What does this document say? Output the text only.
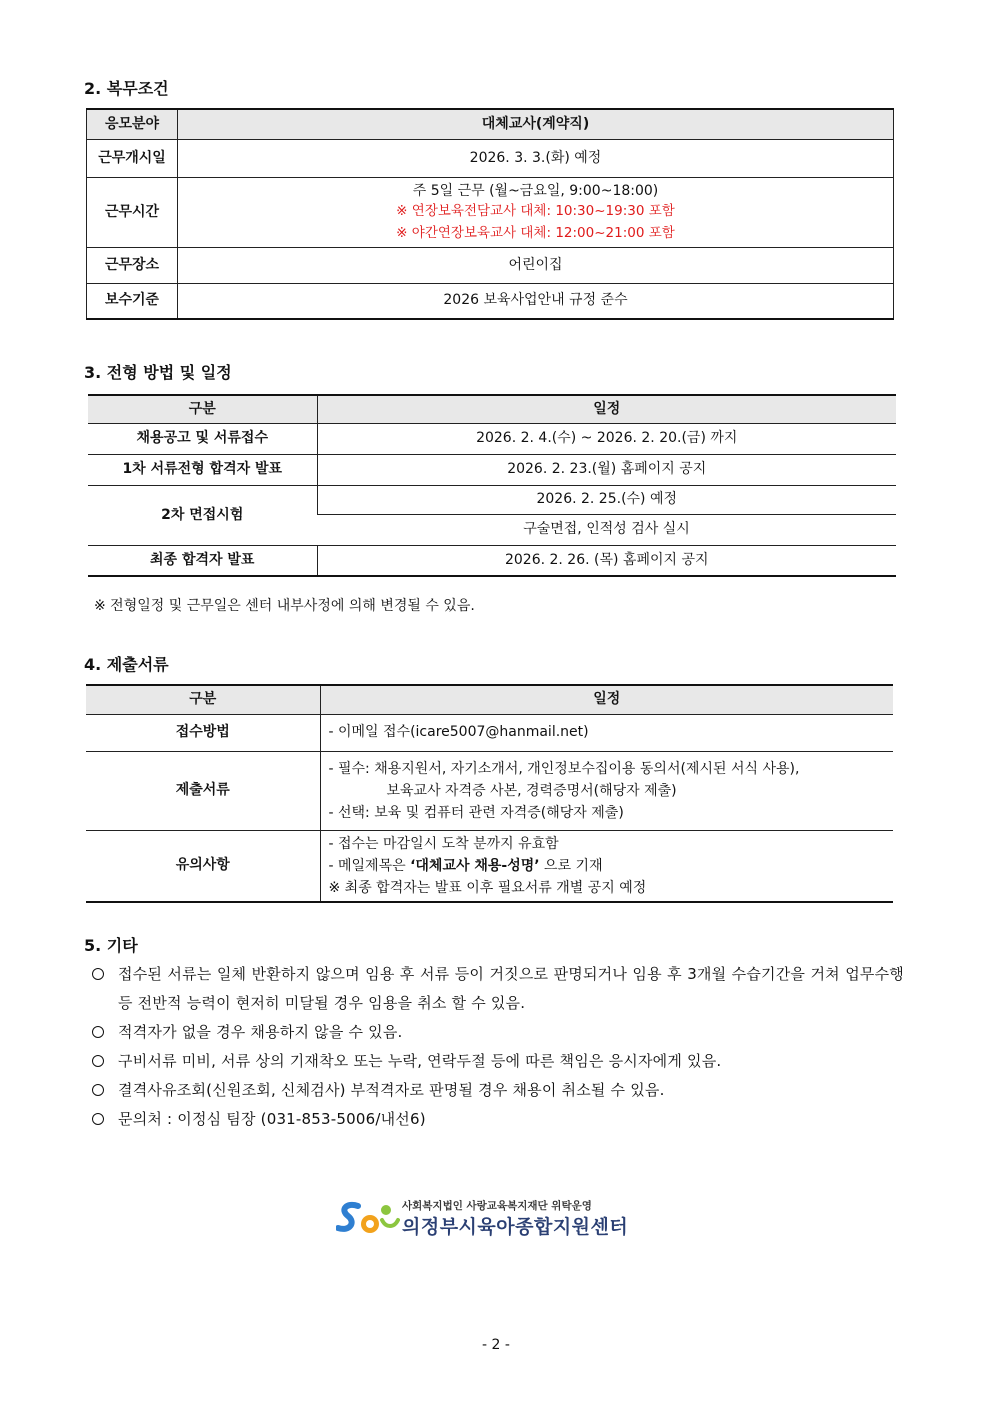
2. 복무조건
응모분야	대체교사(계약직)
근무개시일	2026. 3. 3.(화) 예정
근무시간	주 5일 근무 (월~금요일, 9:00~18:00)
※ 연장보육전담교사 대체: 10:30~19:30 포함
※ 야간연장보육교사 대체: 12:00~21:00 포함

근무장소	어린이집
보수기준	2026 보육사업안내 규정 준수
3. 전형 방법 및 일정
구분	일정
채용공고 및 서류접수	2026. 2. 4.(수) ~ 2026. 2. 20.(금) 까지
1차 서류전형 합격자 발표	2026. 2. 23.(월) 홈페이지 공지
2차 면접시험	2026. 2. 25.(수) 예정
	구술면접, 인적성 검사 실시
최종 합격자 발표	2026. 2. 26. (목) 홈페이지 공지
※ 전형일정 및 근무일은 센터 내부사정에 의해 변경될 수 있음.
4. 제출서류
구분	일정
접수방법	- 이메일 접수(icare5007@hanmail.net)
제출서류	- 필수: 채용지원서, 자기소개서, 개인정보수집이용 동의서(제시된 서식 사용),
보육교사 자격증 사본, 경력증명서(해당자 제출)
- 선택: 보육 및 컴퓨터 관련 자격증(해당자 제출)

유의사항	- 접수는 마감일시 도착 분까지 유효함
- 메일제목은 ‘대체교사 채용-성명’ 으로 기재
※ 최종 합격자는 발표 이후 필요서류 개별 공지 예정
5. 기타
접수된 서류는 일체 반환하지 않으며 임용 후 서류 등이 거짓으로 판명되거나 임용 후 3개월 수습기간을 거쳐 업무수행 등 전반적 능력이 현저히 미달될 경우 임용을 취소 할 수 있음.
적격자가 없을 경우 채용하지 않을 수 있음.
구비서류 미비, 서류 상의 기재착오 또는 누락, 연락두절 등에 따른 책임은 응시자에게 있음.
결격사유조회(신원조회, 신체검사) 부적격자로 판명될 경우 채용이 취소될 수 있음.
문의처 : 이정심 팀장 (031-853-5006/내선6)
사회복지법인 사랑교육복지재단 위탁운영
의정부시육아종합지원센터
- 2 -
